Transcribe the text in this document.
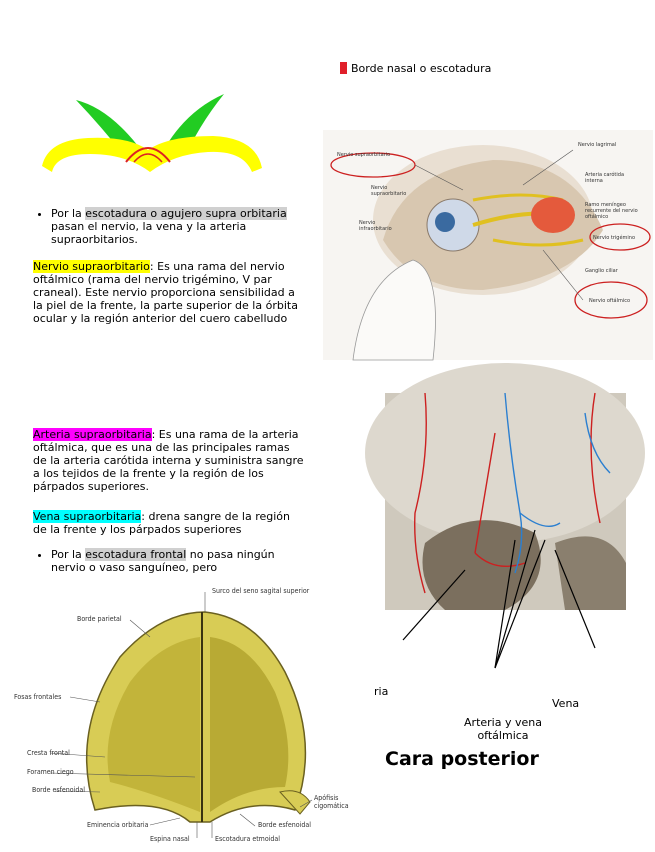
Borde nasal o escotadura
• Por la escotadura o agujero supra orbitaria pasan el nervio, la vena y la arteria supraorbitarios.
Nervio supraorbitario: Es una rama del nervio oftálmico (rama del nervio trigémino, V par craneal). Este nervio proporciona sensibilidad a la piel de la frente, la parte superior de la órbita ocular y la región anterior del cuero cabelludo
Nervio supraorbitario
Nervio supraorbitario
Nervio infraorbitario
Nervio lagrimal
Arteria carótida interna
Ramo meníngeo recurrente del nervio oftálmico
Nervio trigémino
Ganglio ciliar
Nervio oftálmico
Arteria supraorbitaria: Es una rama de la arteria oftálmica, que es una de las principales ramas de la arteria carótida interna y suministra sangre a los tejidos de la frente y la región de los párpados superiores.
Vena supraorbitaria: drena sangre de la región de la frente y los párpados superiores
• Por la escotadura frontal no pasa ningún nervio o vaso sanguíneo, pero
Surco del seno sagital superior
Borde parietal
Fosas frontales
Cresta frontal
Foramen ciego
Borde esfenoidal
Apófisis cigomática
Eminencia orbitaria	Borde esfenoidal
Espina nasal	Escotadura etmoidal
ria
Vena
Arteria y vena oftálmica
Cara posterior
